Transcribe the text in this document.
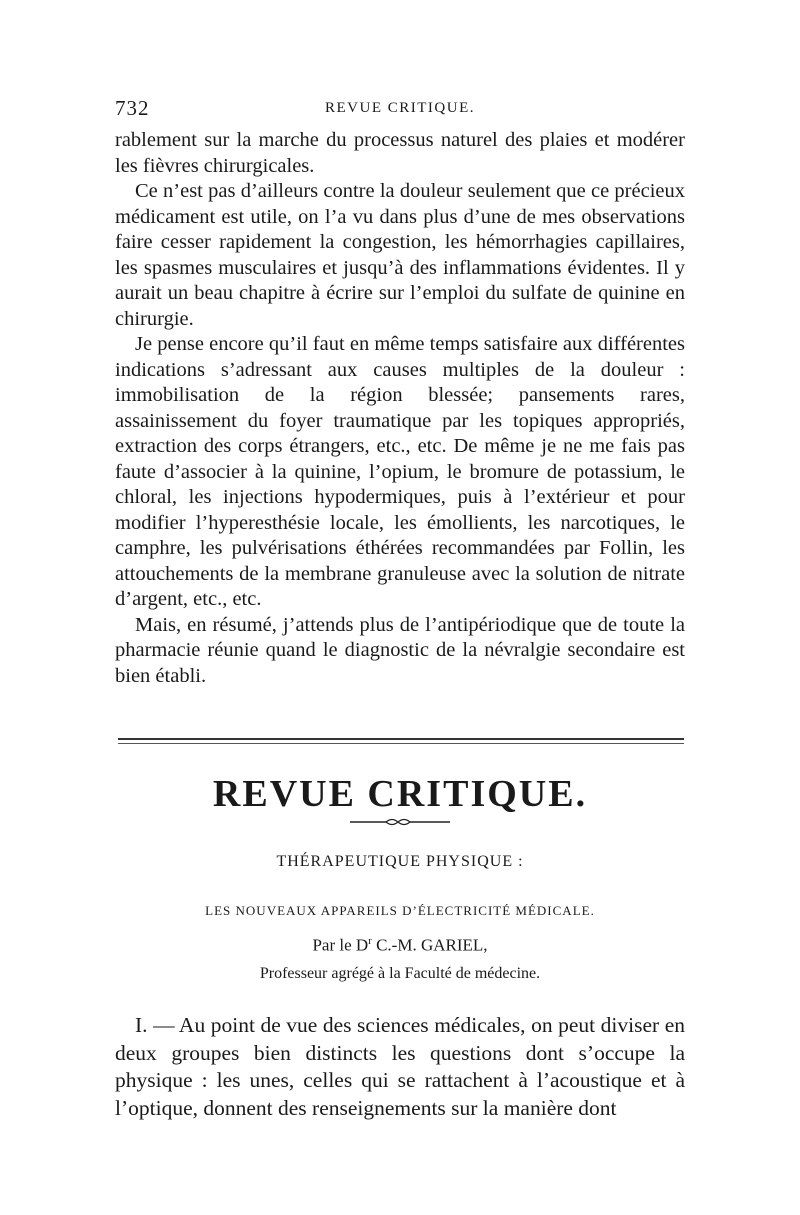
732	REVUE CRITIQUE.

rablement sur la marche du processus naturel des plaies et modérer les fièvres chirurgicales.

Ce n’est pas d’ailleurs contre la douleur seulement que ce précieux médicament est utile, on l’a vu dans plus d’une de mes observations faire cesser rapidement la congestion, les hémorrhagies capillaires, les spasmes musculaires et jusqu’à des inflammations évidentes. Il y aurait un beau chapitre à écrire sur l’emploi du sulfate de quinine en chirurgie.

Je pense encore qu’il faut en même temps satisfaire aux différentes indications s’adressant aux causes multiples de la douleur : immobilisation de la région blessée; pansements rares, assainissement du foyer traumatique par les topiques appropriés, extraction des corps étrangers, etc., etc. De même je ne me fais pas faute d’associer à la quinine, l’opium, le bromure de potassium, le chloral, les injections hypodermiques, puis à l’extérieur et pour modifier l’hyperesthésie locale, les émollients, les narcotiques, le camphre, les pulvérisations éthérées recommandées par Follin, les attouchements de la membrane granuleuse avec la solution de nitrate d’argent, etc., etc.

Mais, en résumé, j’attends plus de l’antipériodique que de toute la pharmacie réunie quand le diagnostic de la névralgie secondaire est bien établi.

REVUE CRITIQUE.
THÉRAPEUTIQUE PHYSIQUE :
LES NOUVEAUX APPAREILS D’ÉLECTRICITÉ MÉDICALE.
Par le $D^r$ C.-M. GARIEL,
Professeur agrégé à la Faculté de médecine.

I. — Au point de vue des sciences médicales, on peut diviser en deux groupes bien distincts les questions dont s’occupe la physique : les unes, celles qui se rattachent à l’acoustique et à l’optique, donnent des renseignements sur la manière dont
